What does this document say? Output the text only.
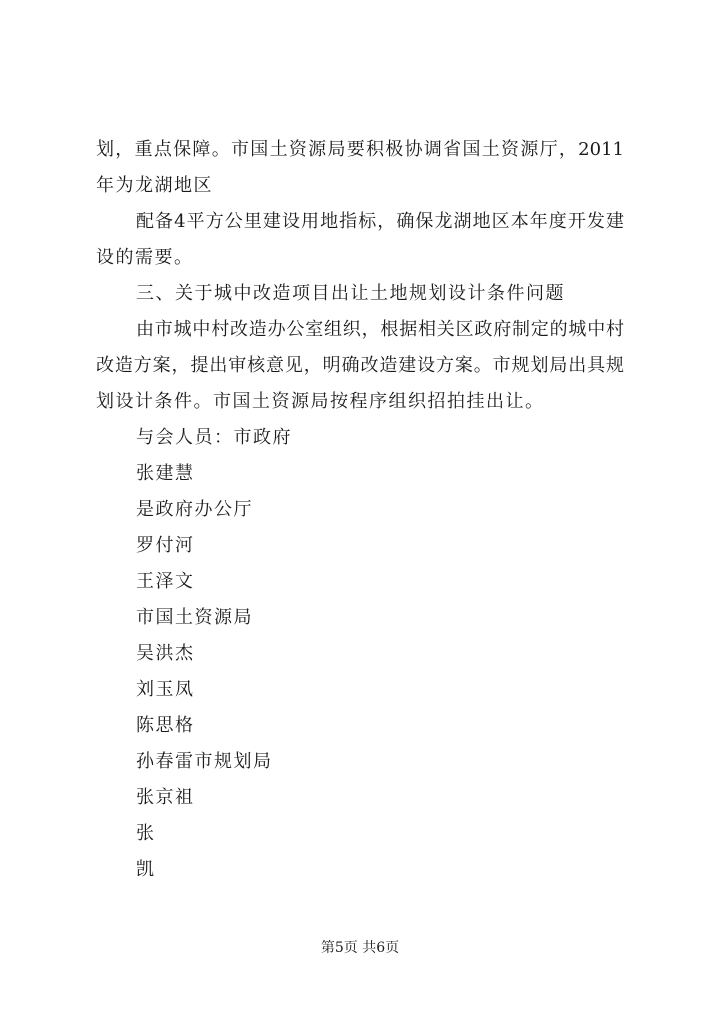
划，重点保障。市国土资源局要积极协调省国土资源厅，2011
年为龙湖地区
配备4平方公里建设用地指标，确保龙湖地区本年度开发建
设的需要。
三、关于城中改造项目出让土地规划设计条件问题
由市城中村改造办公室组织，根据相关区政府制定的城中村
改造方案，提出审核意见，明确改造建设方案。市规划局出具规
划设计条件。市国土资源局按程序组织招拍挂出让。
与会人员：市政府
张建慧
是政府办公厅
罗付河
王泽文
市国土资源局
吴洪杰
刘玉凤
陈思格
孙春雷市规划局
张京祖
张
凯
第5页 共6页
